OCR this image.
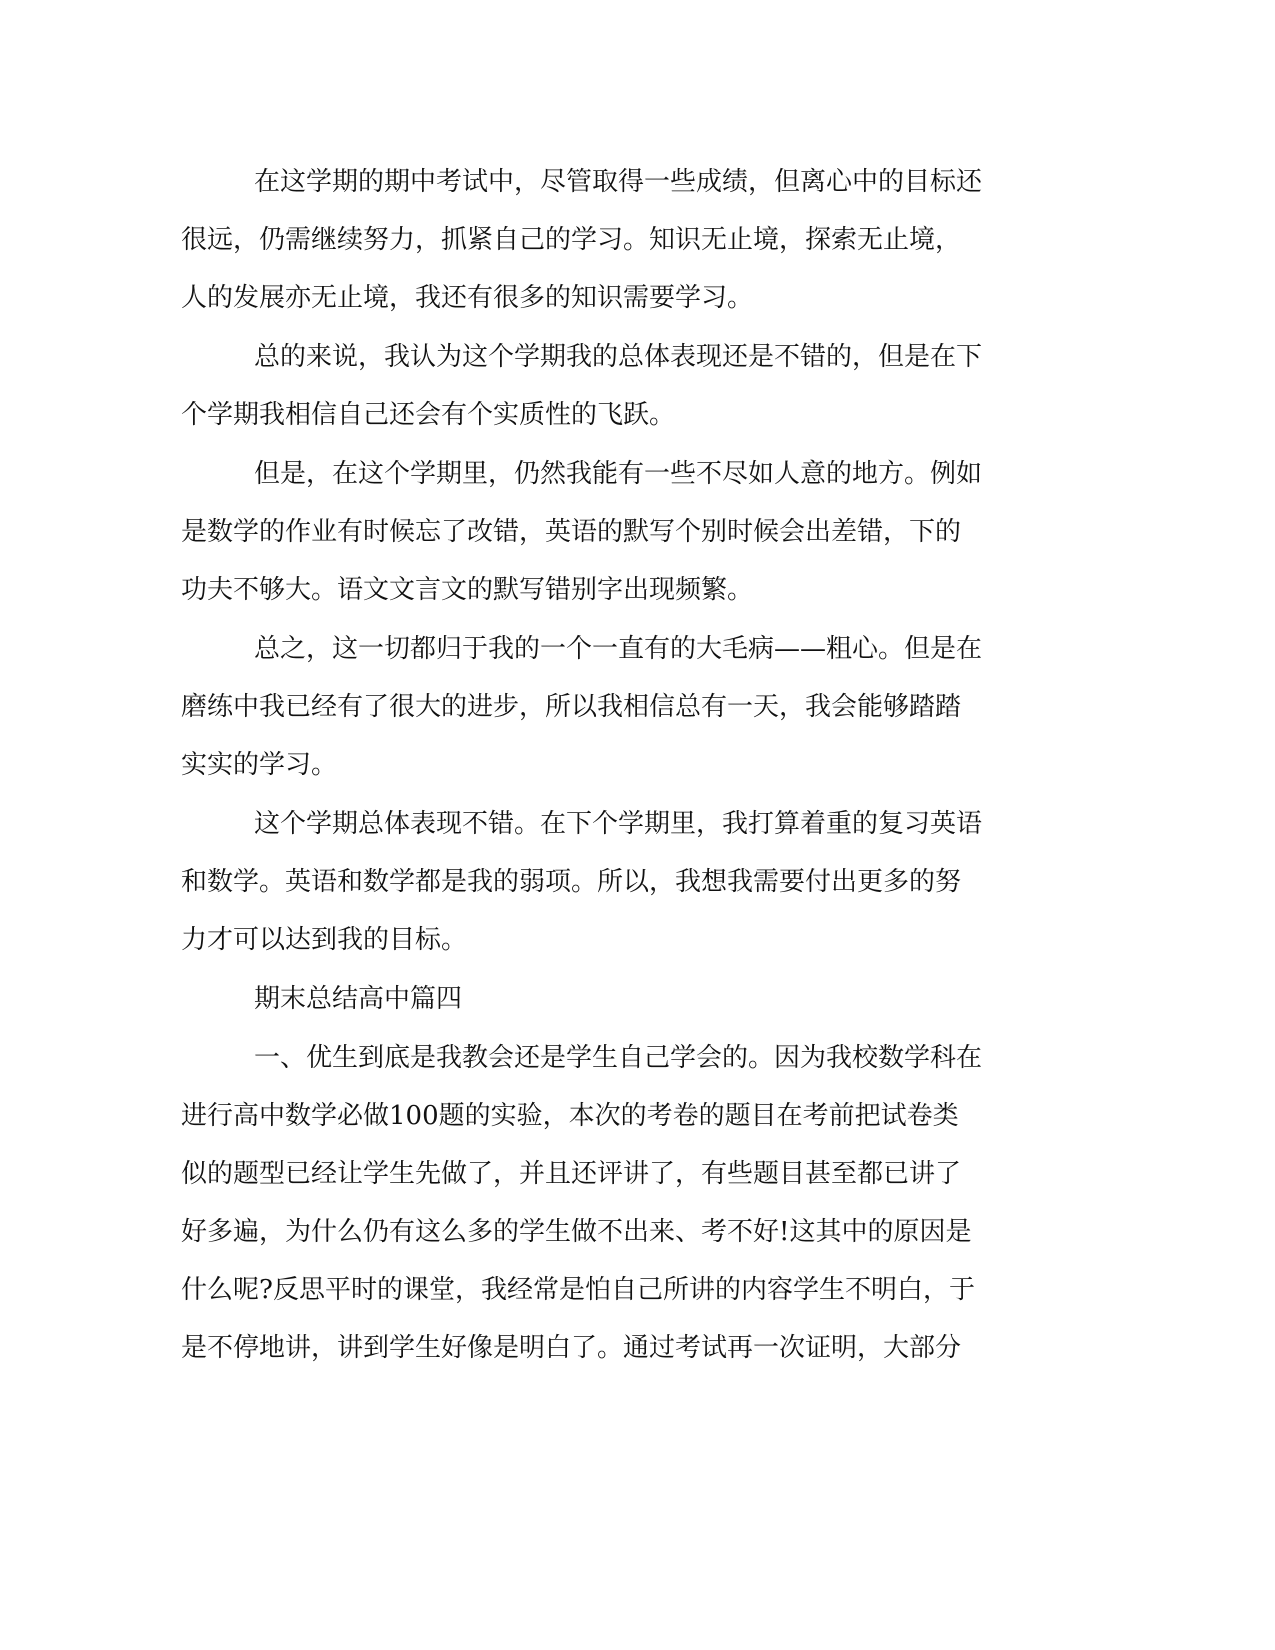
在这学期的期中考试中，尽管取得一些成绩，但离心中的目标还
很远，仍需继续努力，抓紧自己的学习。知识无止境，探索无止境，
人的发展亦无止境，我还有很多的知识需要学习。
总的来说，我认为这个学期我的总体表现还是不错的，但是在下
个学期我相信自己还会有个实质性的飞跃。
但是，在这个学期里，仍然我能有一些不尽如人意的地方。例如
是数学的作业有时候忘了改错，英语的默写个别时候会出差错，下的
功夫不够大。语文文言文的默写错别字出现频繁。
总之，这一切都归于我的一个一直有的大毛病——粗心。但是在
磨练中我已经有了很大的进步，所以我相信总有一天，我会能够踏踏
实实的学习。
这个学期总体表现不错。在下个学期里，我打算着重的复习英语
和数学。英语和数学都是我的弱项。所以，我想我需要付出更多的努
力才可以达到我的目标。
期末总结高中篇四
一、优生到底是我教会还是学生自己学会的。因为我校数学科在
进行高中数学必做100题的实验，本次的考卷的题目在考前把试卷类
似的题型已经让学生先做了，并且还评讲了，有些题目甚至都已讲了
好多遍，为什么仍有这么多的学生做不出来、考不好!这其中的原因是
什么呢?反思平时的课堂，我经常是怕自己所讲的内容学生不明白，于
是不停地讲，讲到学生好像是明白了。通过考试再一次证明，大部分
